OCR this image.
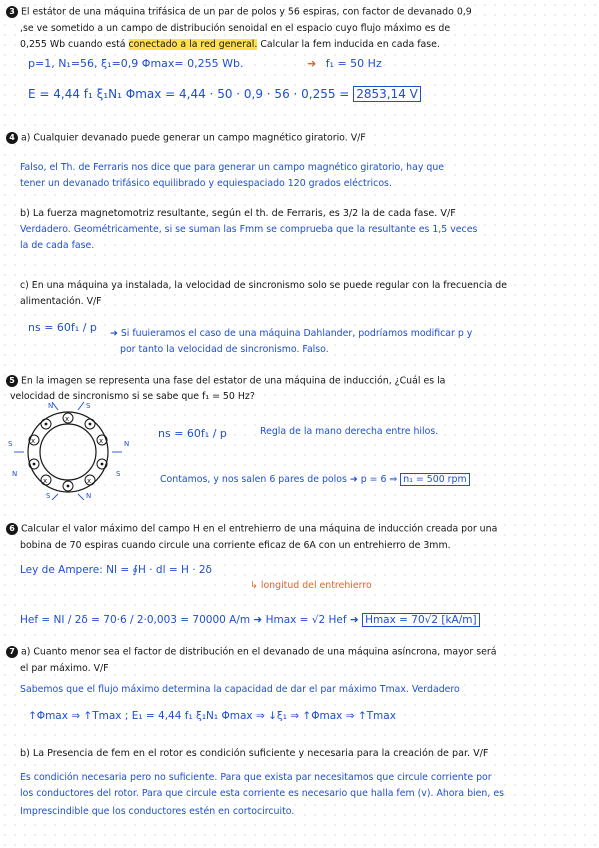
3 El estátor de una máquina trifásica de un par de polos y 56 espiras, con factor de devanado 0,9
,se ve sometido a un campo de distribución senoidal en el espacio cuyo flujo máximo es de
0,255 Wb cuando está conectado a la red general. Calcular la fem inducida en cada fase.
p=1, N₁=56, ξ₁=0,9 Φmax= 0,255 Wb.	➜ f₁ = 50 Hz
E = 4,44 f₁ ξ₁N₁ Φmax = 4,44 · 50 · 0,9 · 56 · 0,255 = 2853,14 V
4 a) Cualquier devanado puede generar un campo magnético giratorio. V/F
Falso, el Th. de Ferraris nos dice que para generar un campo magnético giratorio, hay que
tener un devanado trifásico equilibrado y equiespaciado 120 grados eléctricos.
b) La fuerza magnetomotriz resultante, según el th. de Ferraris, es 3/2 la de cada fase. V/F
Verdadero. Geométricamente, si se suman las Fmm se comprueba que la resultante es 1,5 veces
la de cada fase.
c) En una máquina ya instalada, la velocidad de sincronismo solo se puede regular con la frecuencia de
alimentación. V/F
ns = 60f₁ / p ➜ Si fuuieramos el caso de una máquina Dahlander, podríamos modificar p y
por tanto la velocidad de sincronismo. Falso.
5 En la imagen se representa una fase del estator de una máquina de inducción, ¿Cuál es la
velocidad de sincronismo si se sabe que f₁ = 50 Hz?
x
x
x
x
x
N	S
N
S
S
N
N
S
ns = 60f₁ / p	Regla de la mano derecha entre hilos.
Contamos, y nos salen 6 pares de polos ➜ p = 6 ⇒ n₁ = 500 rpm
6 Calcular el valor máximo del campo H en el entrehierro de una máquina de inducción creada por una
bobina de 70 espiras cuando circule una corriente eficaz de 6A con un entrehierro de 3mm.
Ley de Ampere: NI = ∮H · dl = H · 2δ
↳ longitud del entrehierro
Hef = NI / 2δ = 70·6 / 2·0,003 = 70000 A/m ➜ Hmax = √2 Hef ➜ Hmax = 70√2 [kA/m]
7 a) Cuanto menor sea el factor de distribución en el devanado de una máquina asíncrona, mayor será
el par máximo. V/F
Sabemos que el flujo máximo determina la capacidad de dar el par máximo Tmax. Verdadero
↑Φmax ⇒ ↑Tmax ; E₁ = 4,44 f₁ ξ₁N₁ Φmax ⇒ ↓ξ₁ ⇒ ↑Φmax ⇒ ↑Tmax
b) La Presencia de fem en el rotor es condición suficiente y necesaria para la creación de par. V/F
Es condición necesaria pero no suficiente. Para que exista par necesitamos que circule corriente por
los conductores del rotor. Para que circule esta corriente es necesario que halla fem (v). Ahora bien, es
Imprescindible que los conductores estén en cortocircuito.
